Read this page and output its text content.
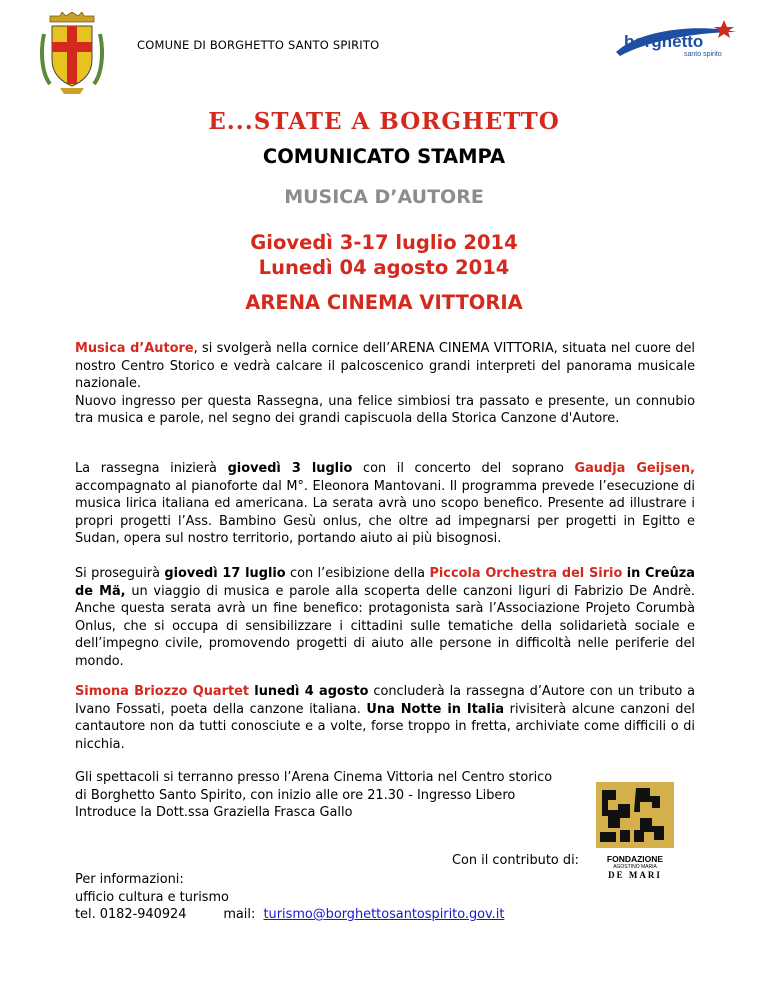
COMUNE DI BORGHETTO SANTO SPIRITO	borghetto
santo spirito
E...STATE A BORGHETTO
COMUNICATO STAMPA
MUSICA D’AUTORE
Giovedì 3-17 luglio 2014
Lunedì 04 agosto 2014
ARENA CINEMA VITTORIA
Musica d’Autore, si svolgerà nella cornice dell’ARENA CINEMA VITTORIA, situata nel cuore del nostro Centro Storico e vedrà calcare il palcoscenico grandi interpreti del panorama musicale nazionale.
Nuovo ingresso per questa Rassegna, una felice simbiosi tra passato e presente, un connubio tra musica e parole, nel segno dei grandi capiscuola della Storica Canzone d'Autore.
La rassegna inizierà giovedì 3 luglio con il concerto del soprano Gaudja Geijsen, accompagnato al pianoforte dal M°. Eleonora Mantovani. Il programma prevede l’esecuzione di musica lirica italiana ed americana. La serata avrà uno scopo benefico. Presente ad illustrare i propri progetti l’Ass. Bambino Gesù onlus, che oltre ad impegnarsi per progetti in Egitto e Sudan, opera sul nostro territorio, portando aiuto ai più bisognosi.
Si proseguirà giovedì 17 luglio con l’esibizione della Piccola Orchestra del Sirio in Creûza de Mä, un viaggio di musica e parole alla scoperta delle canzoni liguri di Fabrizio De Andrè. Anche questa serata avrà un fine benefico: protagonista sarà l’Associazione Projeto Corumbà Onlus, che si occupa di sensibilizzare i cittadini sulle tematiche della solidarietà sociale e dell’impegno civile, promovendo progetti di aiuto alle persone in difficoltà nelle periferie del mondo.
Simona Briozzo Quartet lunedì 4 agosto concluderà la rassegna d’Autore con un tributo a Ivano Fossati, poeta della canzone italiana. Una Notte in Italia rivisiterà alcune canzoni del cantautore non da tutti conosciute e a volte, forse troppo in fretta, archiviate come difficili o di nicchia.
Gli spettacoli si terranno presso l’Arena Cinema Vittoria nel Centro storico
di Borghetto Santo Spirito, con inizio alle ore 21.30 - Ingresso Libero
Introduce la Dott.ssa Graziella Frasca Gallo
FONDAZIONE
AGOSTINO MARIA
DE MARI
Con il contributo di:
Per informazioni:
ufficio cultura e turismo
tel. 0182-940924	mail: turismo@borghettosantospirito.gov.it
